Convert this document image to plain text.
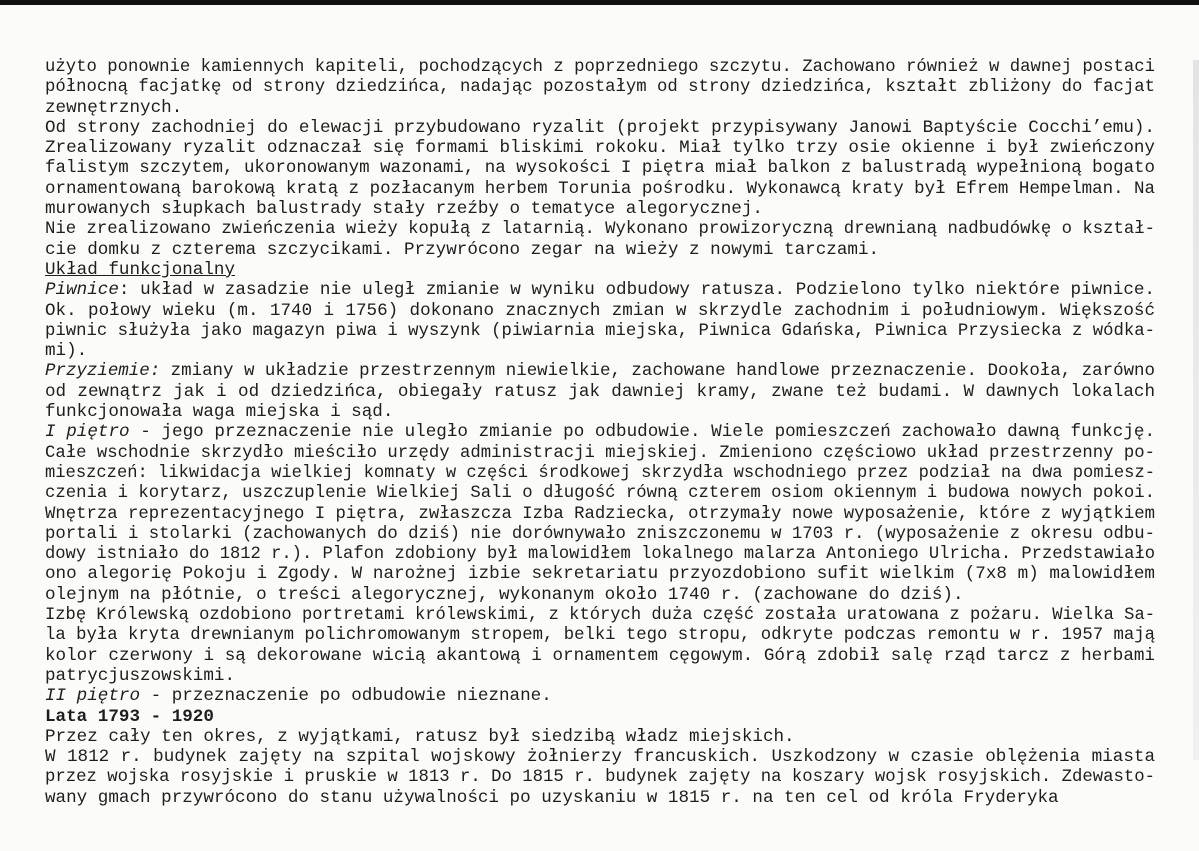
użyto ponownie kamiennych kapiteli, pochodzących z poprzedniego szczytu. Zachowano również w dawnej postaci
północną facjatkę od strony dziedzińca, nadając pozostałym od strony dziedzińca, kształt zbliżony do facjat
zewnętrznych.
Od strony zachodniej do elewacji przybudowano ryzalit (projekt przypisywany Janowi Baptyście Cocchi’emu).
Zrealizowany ryzalit odznaczał się formami bliskimi rokoku. Miał tylko trzy osie okienne i był zwieńczony
falistym szczytem, ukoronowanym wazonami, na wysokości I piętra miał balkon z balustradą wypełnioną bogato
ornamentowaną barokową kratą z pozłacanym herbem Torunia pośrodku. Wykonawcą kraty był Efrem Hempelman. Na
murowanych słupkach balustrady stały rzeźby o tematyce alegorycznej.
Nie zrealizowano zwieńczenia wieży kopułą z latarnią. Wykonano prowizoryczną drewnianą nadbudówkę o kształ-
cie domku z czterema szczycikami. Przywrócono zegar na wieży z nowymi tarczami.
Układ funkcjonalny
Piwnice: układ w zasadzie nie uległ zmianie w wyniku odbudowy ratusza. Podzielono tylko niektóre piwnice.
Ok. połowy wieku (m. 1740 i 1756) dokonano znacznych zmian w skrzydle zachodnim i południowym. Większość
piwnic służyła jako magazyn piwa i wyszynk (piwiarnia miejska, Piwnica Gdańska, Piwnica Przysiecka z wódka-
mi).
Przyziemie: zmiany w układzie przestrzennym niewielkie, zachowane handlowe przeznaczenie. Dookoła, zarówno
od zewnątrz jak i od dziedzińca, obiegały ratusz jak dawniej kramy, zwane też budami. W dawnych lokalach
funkcjonowała waga miejska i sąd.
I piętro - jego przeznaczenie nie uległo zmianie po odbudowie. Wiele pomieszczeń zachowało dawną funkcję.
Całe wschodnie skrzydło mieściło urzędy administracji miejskiej. Zmieniono częściowo układ przestrzenny po-
mieszczeń: likwidacja wielkiej komnaty w części środkowej skrzydła wschodniego przez podział na dwa pomiesz-
czenia i korytarz, uszczuplenie Wielkiej Sali o długość równą czterem osiom okiennym i budowa nowych pokoi.
Wnętrza reprezentacyjnego I piętra, zwłaszcza Izba Radziecka, otrzymały nowe wyposażenie, które z wyjątkiem
portali i stolarki (zachowanych do dziś) nie dorównywało zniszczonemu w 1703 r. (wyposażenie z okresu odbu-
dowy istniało do 1812 r.). Plafon zdobiony był malowidłem lokalnego malarza Antoniego Ulricha. Przedstawiało
ono alegorię Pokoju i Zgody. W narożnej izbie sekretariatu przyozdobiono sufit wielkim (7x8 m) malowidłem
olejnym na płótnie, o treści alegorycznej, wykonanym około 1740 r. (zachowane do dziś).
Izbę Królewską ozdobiono portretami królewskimi, z których duża część została uratowana z pożaru. Wielka Sa-
la była kryta drewnianym polichromowanym stropem, belki tego stropu, odkryte podczas remontu w r. 1957 mają
kolor czerwony i są dekorowane wicią akantową i ornamentem cęgowym. Górą zdobił salę rząd tarcz z herbami
patrycjuszowskimi.
II piętro - przeznaczenie po odbudowie nieznane.
Lata 1793 - 1920
Przez cały ten okres, z wyjątkami, ratusz był siedzibą władz miejskich.
W 1812 r. budynek zajęty na szpital wojskowy żołnierzy francuskich. Uszkodzony w czasie oblężenia miasta
przez wojska rosyjskie i pruskie w 1813 r. Do 1815 r. budynek zajęty na koszary wojsk rosyjskich. Zdewasto-
wany gmach przywrócono do stanu używalności po uzyskaniu w 1815 r. na ten cel od króla Fryderyka
